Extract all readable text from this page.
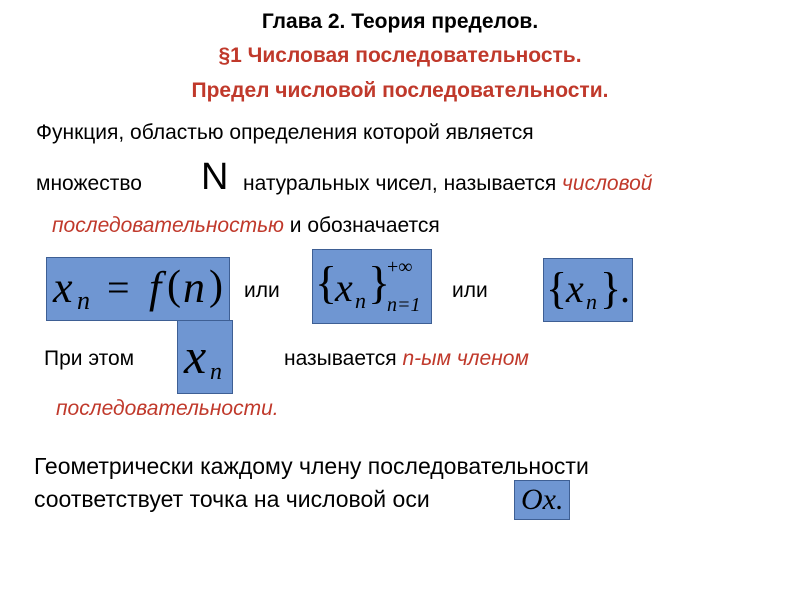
Глава 2. Теория пределов.
§1 Числовая последовательность.
Предел числовой последовательности.
Функция, областью определения которой является
множество N натуральных чисел, называется числовой
последовательностью и обозначается
x n = f ( n ) или {
x n }
+∞
n=1
или {
x n }
.
При этом x n
называется n-ым членом
последовательности.
Геометрически каждому члену последовательности
соответствует точка на числовой оси	Ox.
